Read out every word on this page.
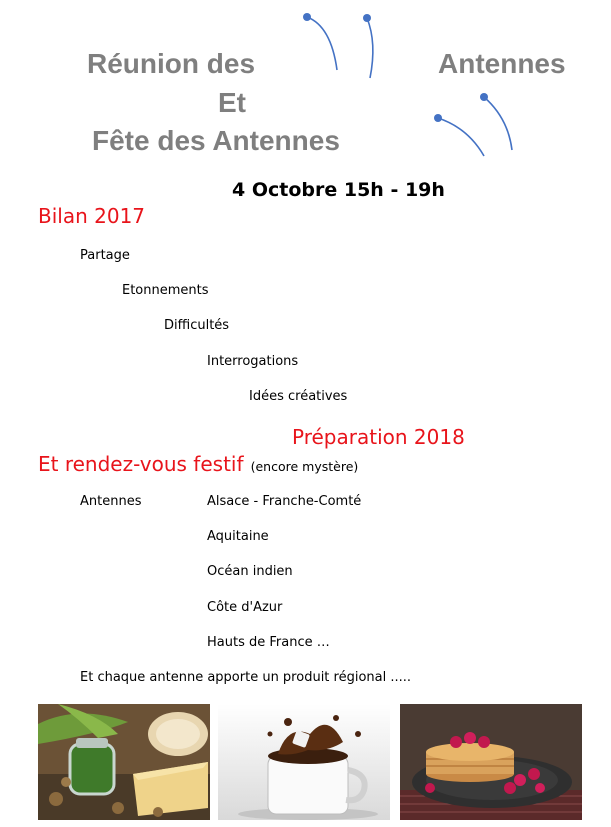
Réunion des	Antennes
Et
Fête des Antennes
4 Octobre 15h - 19h
Bilan 2017
Partage
Etonnements
Difficultés
Interrogations
Idées créatives
Préparation 2018
Et rendez-vous festif (encore mystère)
Antennes	Alsace - Franche-Comté
Aquitaine
Océan indien
Côte d'Azur
Hauts de France …
Et chaque antenne apporte un produit régional .....
